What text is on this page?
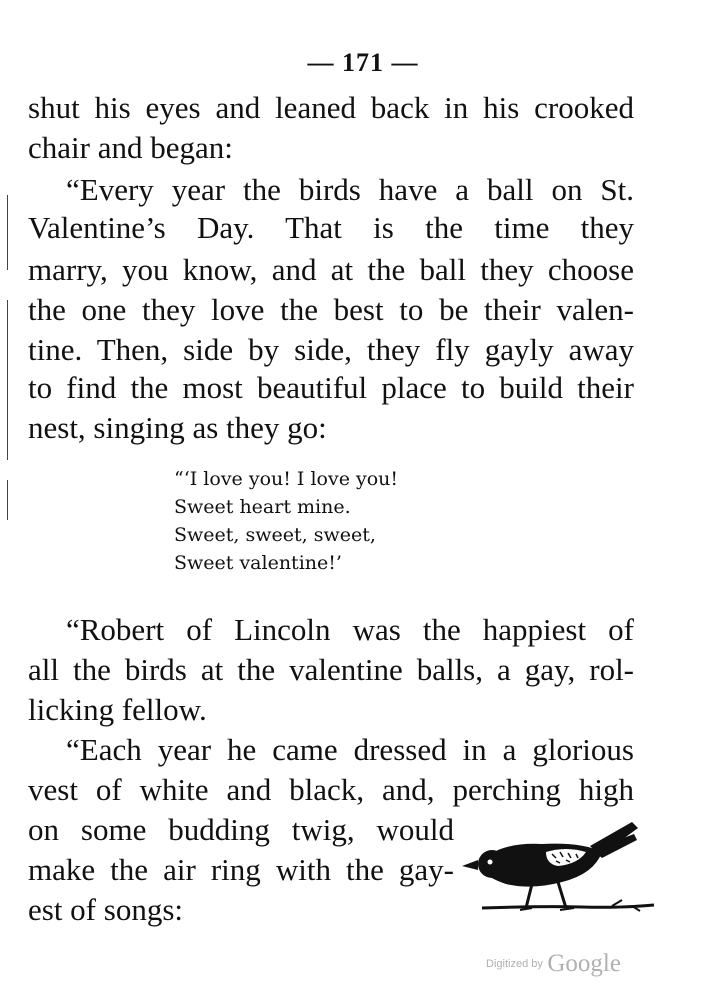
— 171 —
shut his eyes and leaned back in his crooked
chair and began:
“Every year the birds have a ball on St.
Valentine’s Day. That is the time they
marry, you know, and at the ball they choose
the one they love the best to be their valen-
tine. Then, side by side, they fly gayly away
to find the most beautiful place to build their
nest, singing as they go:
“‘I love you! I love you!
Sweet heart mine.
Sweet, sweet, sweet,
Sweet valentine!’
“Robert of Lincoln was the happiest of
all the birds at the valentine balls, a gay, rol-
licking fellow.
“Each year he came dressed in a glorious
vest of white and black, and, perching high
on some budding twig, would
make the air ring with the gay-
est of songs:
Digitized by Google
